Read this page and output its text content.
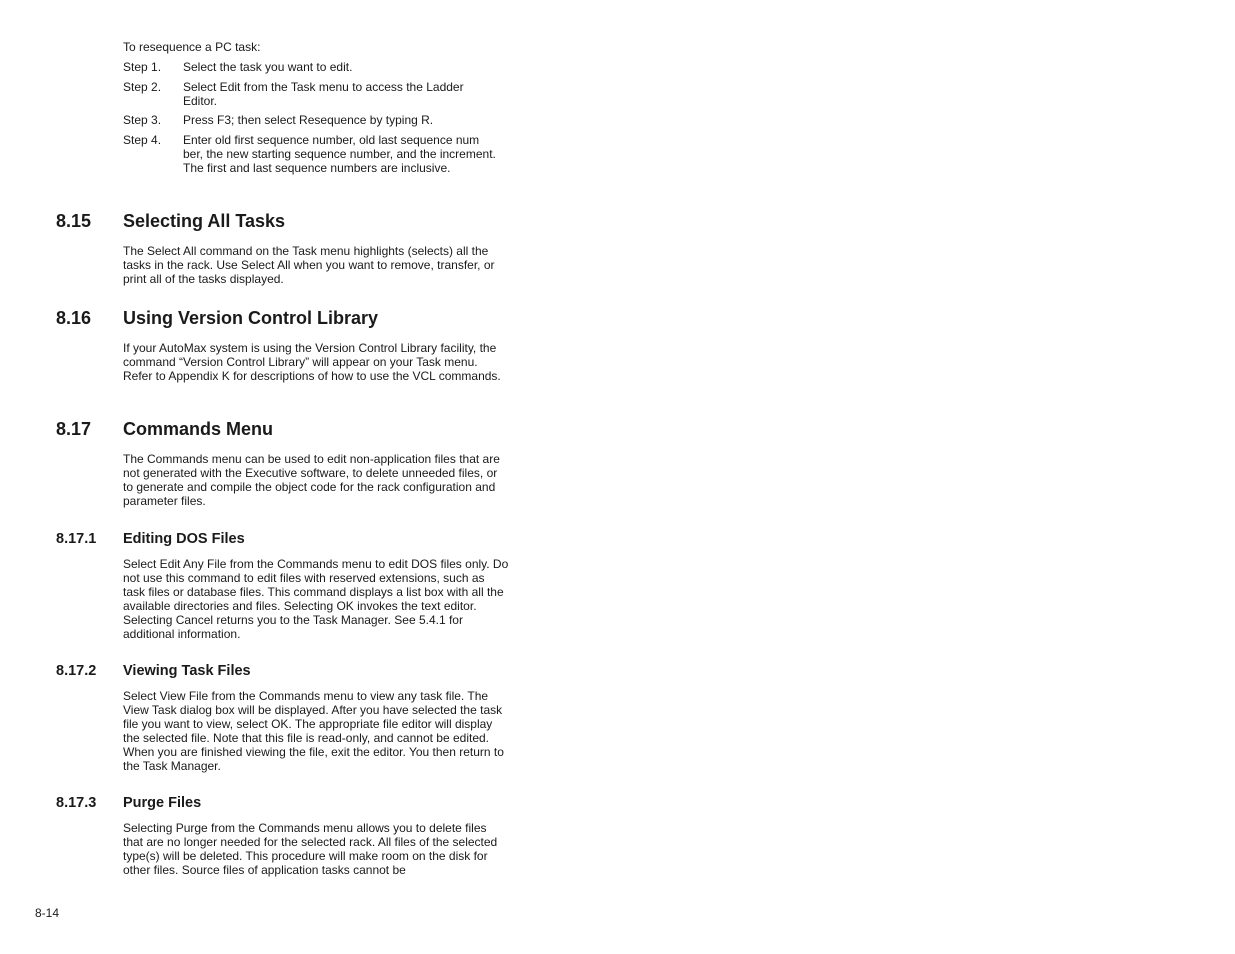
To resequence a PC task:

Step 1.	Select the task you want to edit.
Step 2.	Select Edit from the Task menu to access the Ladder Editor.
Step 3.	Press F3; then select Resequence by typing R.
Step 4.	Enter old first sequence number, old last sequence num ber, the new starting sequence number, and the increment. The first and last sequence numbers are inclusive.
8.15	Selecting All Tasks

The Select All command on the Task menu highlights (selects) all the tasks in the rack. Use Select All when you want to remove, transfer, or print all of the tasks displayed.

8.16	Using Version Control Library

If your AutoMax system is using the Version Control Library facility, the command “Version Control Library” will appear on your Task menu. Refer to Appendix K for descriptions of how to use the VCL commands.

8.17	Commands Menu

The Commands menu can be used to edit non-application files that are not generated with the Executive software, to delete unneeded files, or to generate and compile the object code for the rack configuration and parameter files.

8.17.1	Editing DOS Files

Select Edit Any File from the Commands menu to edit DOS files only. Do not use this command to edit files with reserved extensions, such as task files or database files. This command displays a list box with all the available directories and files. Selecting OK invokes the text editor. Selecting Cancel returns you to the Task Manager. See 5.4.1 for additional information.

8.17.2	Viewing Task Files

Select View File from the Commands menu to view any task file. The View Task dialog box will be displayed. After you have selected the task file you want to view, select OK. The appropriate file editor will display the selected file. Note that this file is read-only, and cannot be edited. When you are finished viewing the file, exit the editor. You then return to the Task Manager.

8.17.3	Purge Files

Selecting Purge from the Commands menu allows you to delete files that are no longer needed for the selected rack. All files of the selected type(s) will be deleted. This procedure will make room on the disk for other files. Source files of application tasks cannot be

8-14
